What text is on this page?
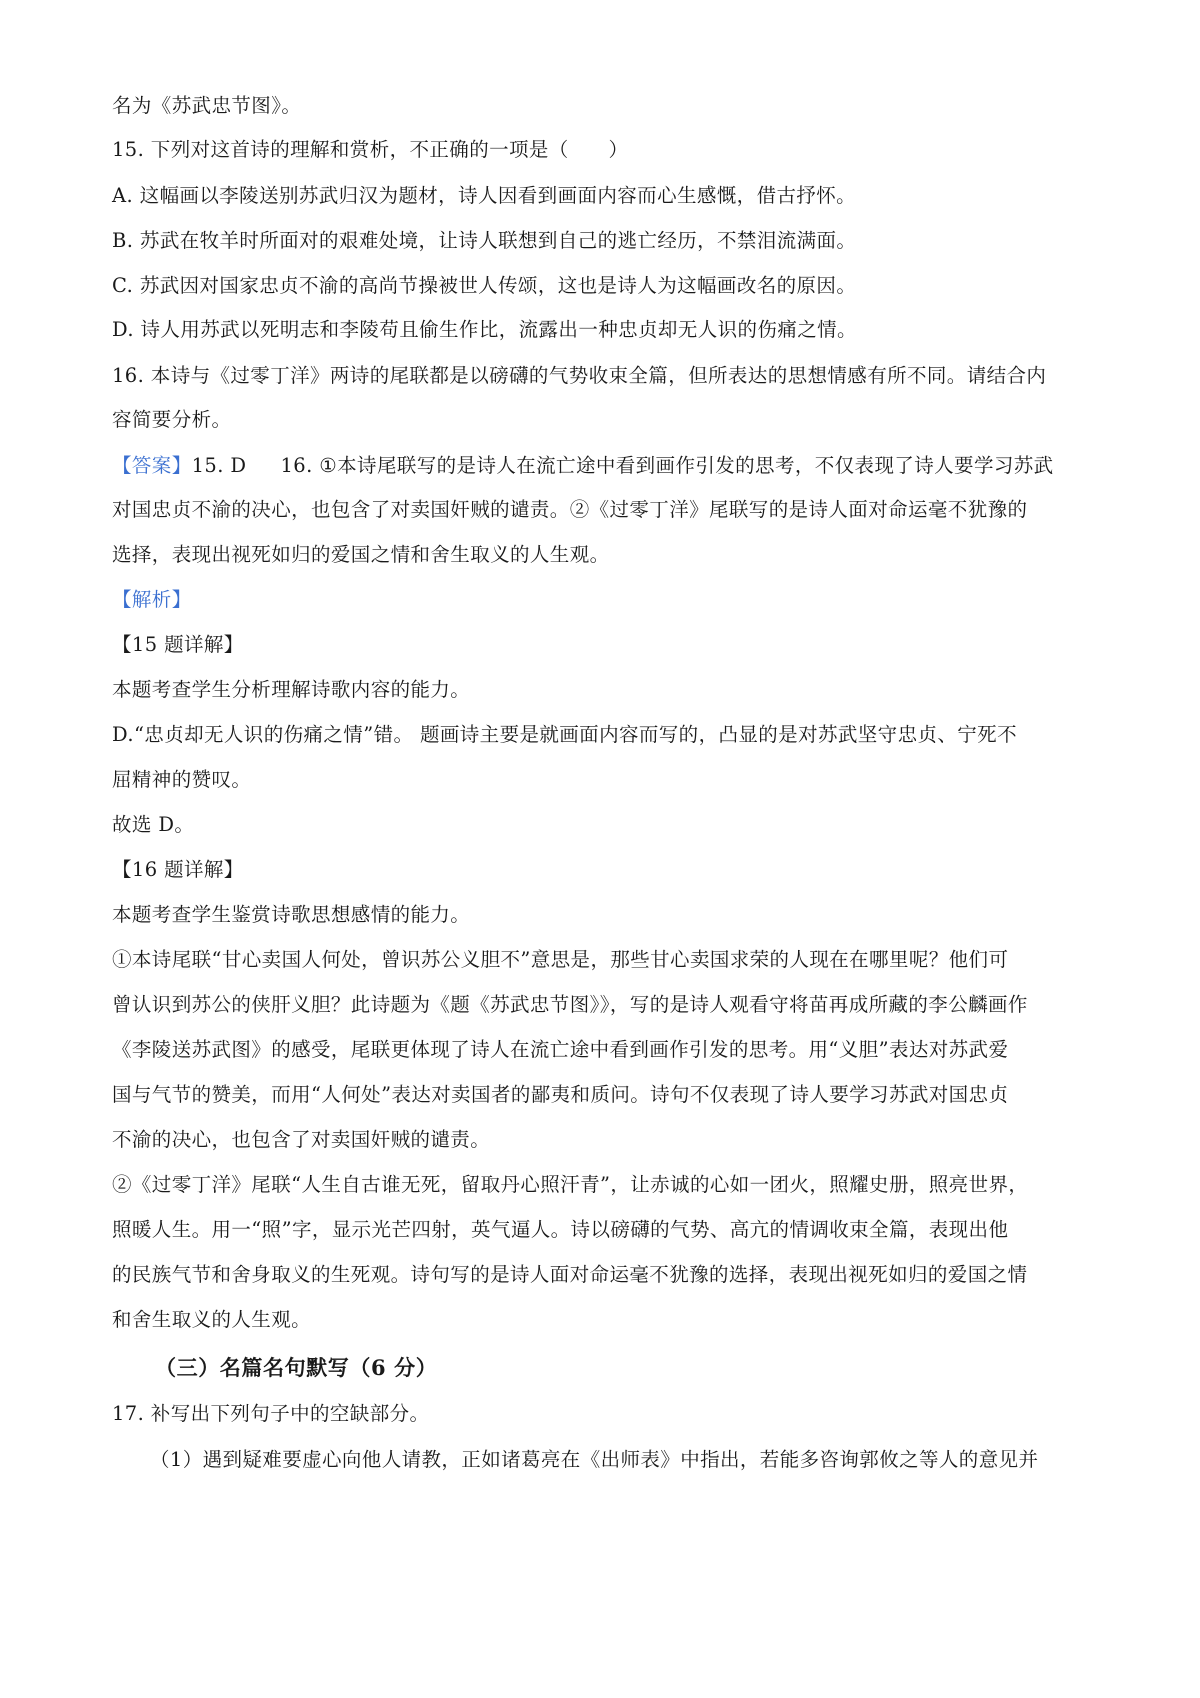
名为《苏武忠节图》。
15. 下列对这首诗的理解和赏析，不正确的一项是（　　）
A. 这幅画以李陵送别苏武归汉为题材，诗人因看到画面内容而心生感慨，借古抒怀。
B. 苏武在牧羊时所面对的艰难处境，让诗人联想到自己的逃亡经历，不禁泪流满面。
C. 苏武因对国家忠贞不渝的高尚节操被世人传颂，这也是诗人为这幅画改名的原因。
D. 诗人用苏武以死明志和李陵苟且偷生作比，流露出一种忠贞却无人识的伤痛之情。
16. 本诗与《过零丁洋》两诗的尾联都是以磅礴的气势收束全篇，但所表达的思想情感有所不同。请结合内
容简要分析。
【答案】15. D 16. ①本诗尾联写的是诗人在流亡途中看到画作引发的思考，不仅表现了诗人要学习苏武
对国忠贞不渝的决心，也包含了对卖国奸贼的谴责。②《过零丁洋》尾联写的是诗人面对命运毫不犹豫的
选择，表现出视死如归的爱国之情和舍生取义的人生观。
【解析】
【15 题详解】
本题考查学生分析理解诗歌内容的能力。
D.“忠贞却无人识的伤痛之情”错。 题画诗主要是就画面内容而写的，凸显的是对苏武坚守忠贞、宁死不
屈精神的赞叹。
故选 D。
【16 题详解】
本题考查学生鉴赏诗歌思想感情的能力。
①本诗尾联“甘心卖国人何处，曾识苏公义胆不”意思是，那些甘心卖国求荣的人现在在哪里呢？他们可
曾认识到苏公的侠肝义胆？此诗题为《题《苏武忠节图》》，写的是诗人观看守将苗再成所藏的李公麟画作
《李陵送苏武图》的感受，尾联更体现了诗人在流亡途中看到画作引发的思考。用“义胆”表达对苏武爱
国与气节的赞美，而用“人何处”表达对卖国者的鄙夷和质问。诗句不仅表现了诗人要学习苏武对国忠贞
不渝的决心，也包含了对卖国奸贼的谴责。
②《过零丁洋》尾联“人生自古谁无死，留取丹心照汗青”，让赤诚的心如一团火，照耀史册，照亮世界，
照暖人生。用一“照”字，显示光芒四射，英气逼人。诗以磅礴的气势、高亢的情调收束全篇，表现出他
的民族气节和舍身取义的生死观。诗句写的是诗人面对命运毫不犹豫的选择，表现出视死如归的爱国之情
和舍生取义的人生观。
（三）名篇名句默写（6 分）
17. 补写出下列句子中的空缺部分。
（1）遇到疑难要虚心向他人请教，正如诸葛亮在《出师表》中指出，若能多咨询郭攸之等人的意见并
